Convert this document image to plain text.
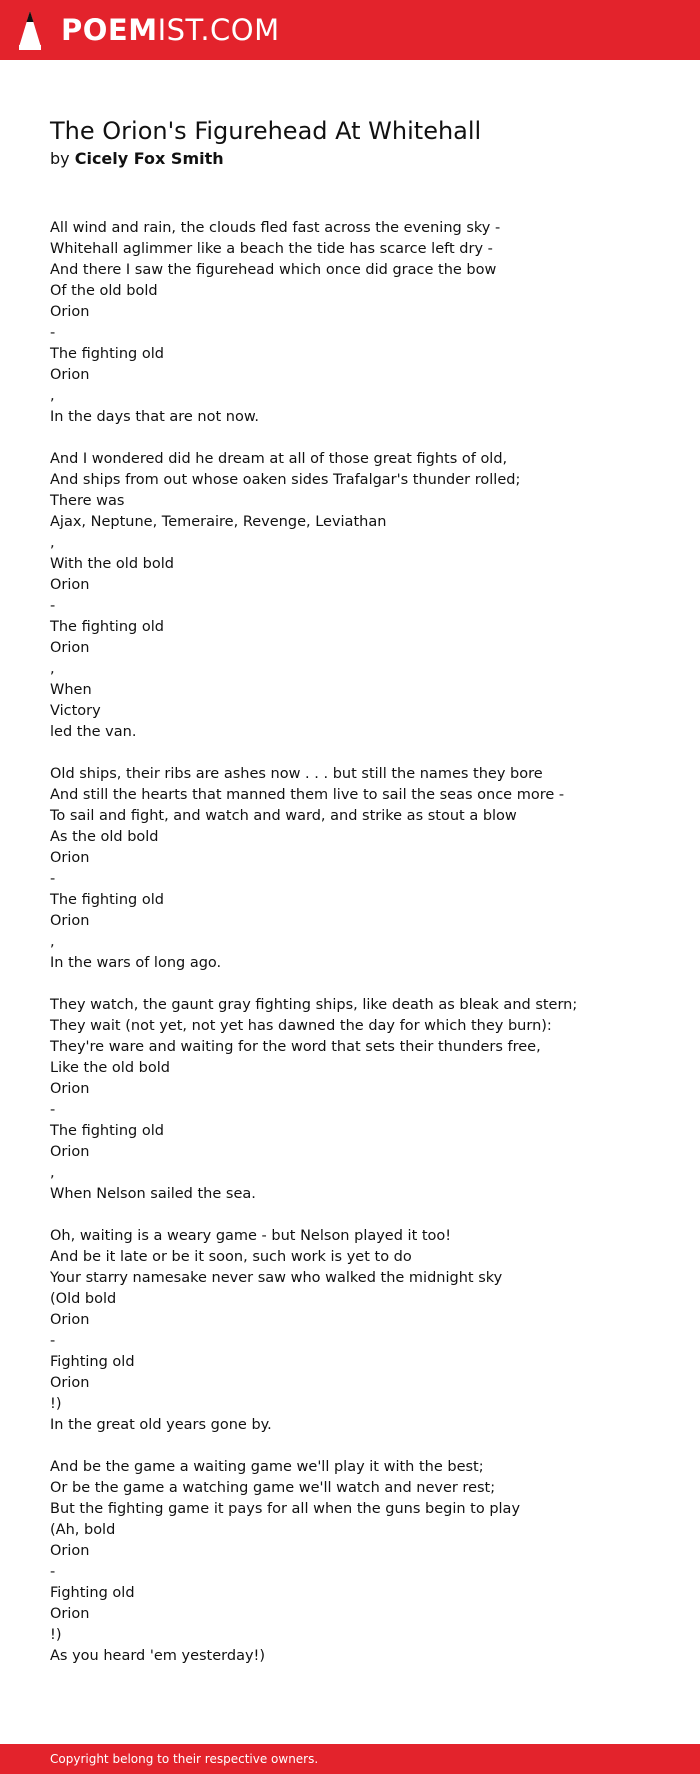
POEMIST.COM
The Orion's Figurehead At Whitehall
by Cicely Fox Smith
All wind and rain, the clouds fled fast across the evening sky -
Whitehall aglimmer like a beach the tide has scarce left dry -
And there I saw the figurehead which once did grace the bow
Of the old bold
Orion
-
The fighting old
Orion
,
In the days that are not now.
And I wondered did he dream at all of those great fights of old,
And ships from out whose oaken sides Trafalgar's thunder rolled;
There was
Ajax, Neptune, Temeraire, Revenge, Leviathan
,
With the old bold
Orion
-
The fighting old
Orion
,
When
Victory
led the van.
Old ships, their ribs are ashes now . . . but still the names they bore
And still the hearts that manned them live to sail the seas once more -
To sail and fight, and watch and ward, and strike as stout a blow
As the old bold
Orion
-
The fighting old
Orion
,
In the wars of long ago.
They watch, the gaunt gray fighting ships, like death as bleak and stern;
They wait (not yet, not yet has dawned the day for which they burn):
They're ware and waiting for the word that sets their thunders free,
Like the old bold
Orion
-
The fighting old
Orion
,
When Nelson sailed the sea.
Oh, waiting is a weary game - but Nelson played it too!
And be it late or be it soon, such work is yet to do
Your starry namesake never saw who walked the midnight sky
(Old bold
Orion
-
Fighting old
Orion
!)
In the great old years gone by.
And be the game a waiting game we'll play it with the best;
Or be the game a watching game we'll watch and never rest;
But the fighting game it pays for all when the guns begin to play
(Ah, bold
Orion
-
Fighting old
Orion
!)
As you heard 'em yesterday!)
Copyright belong to their respective owners.
